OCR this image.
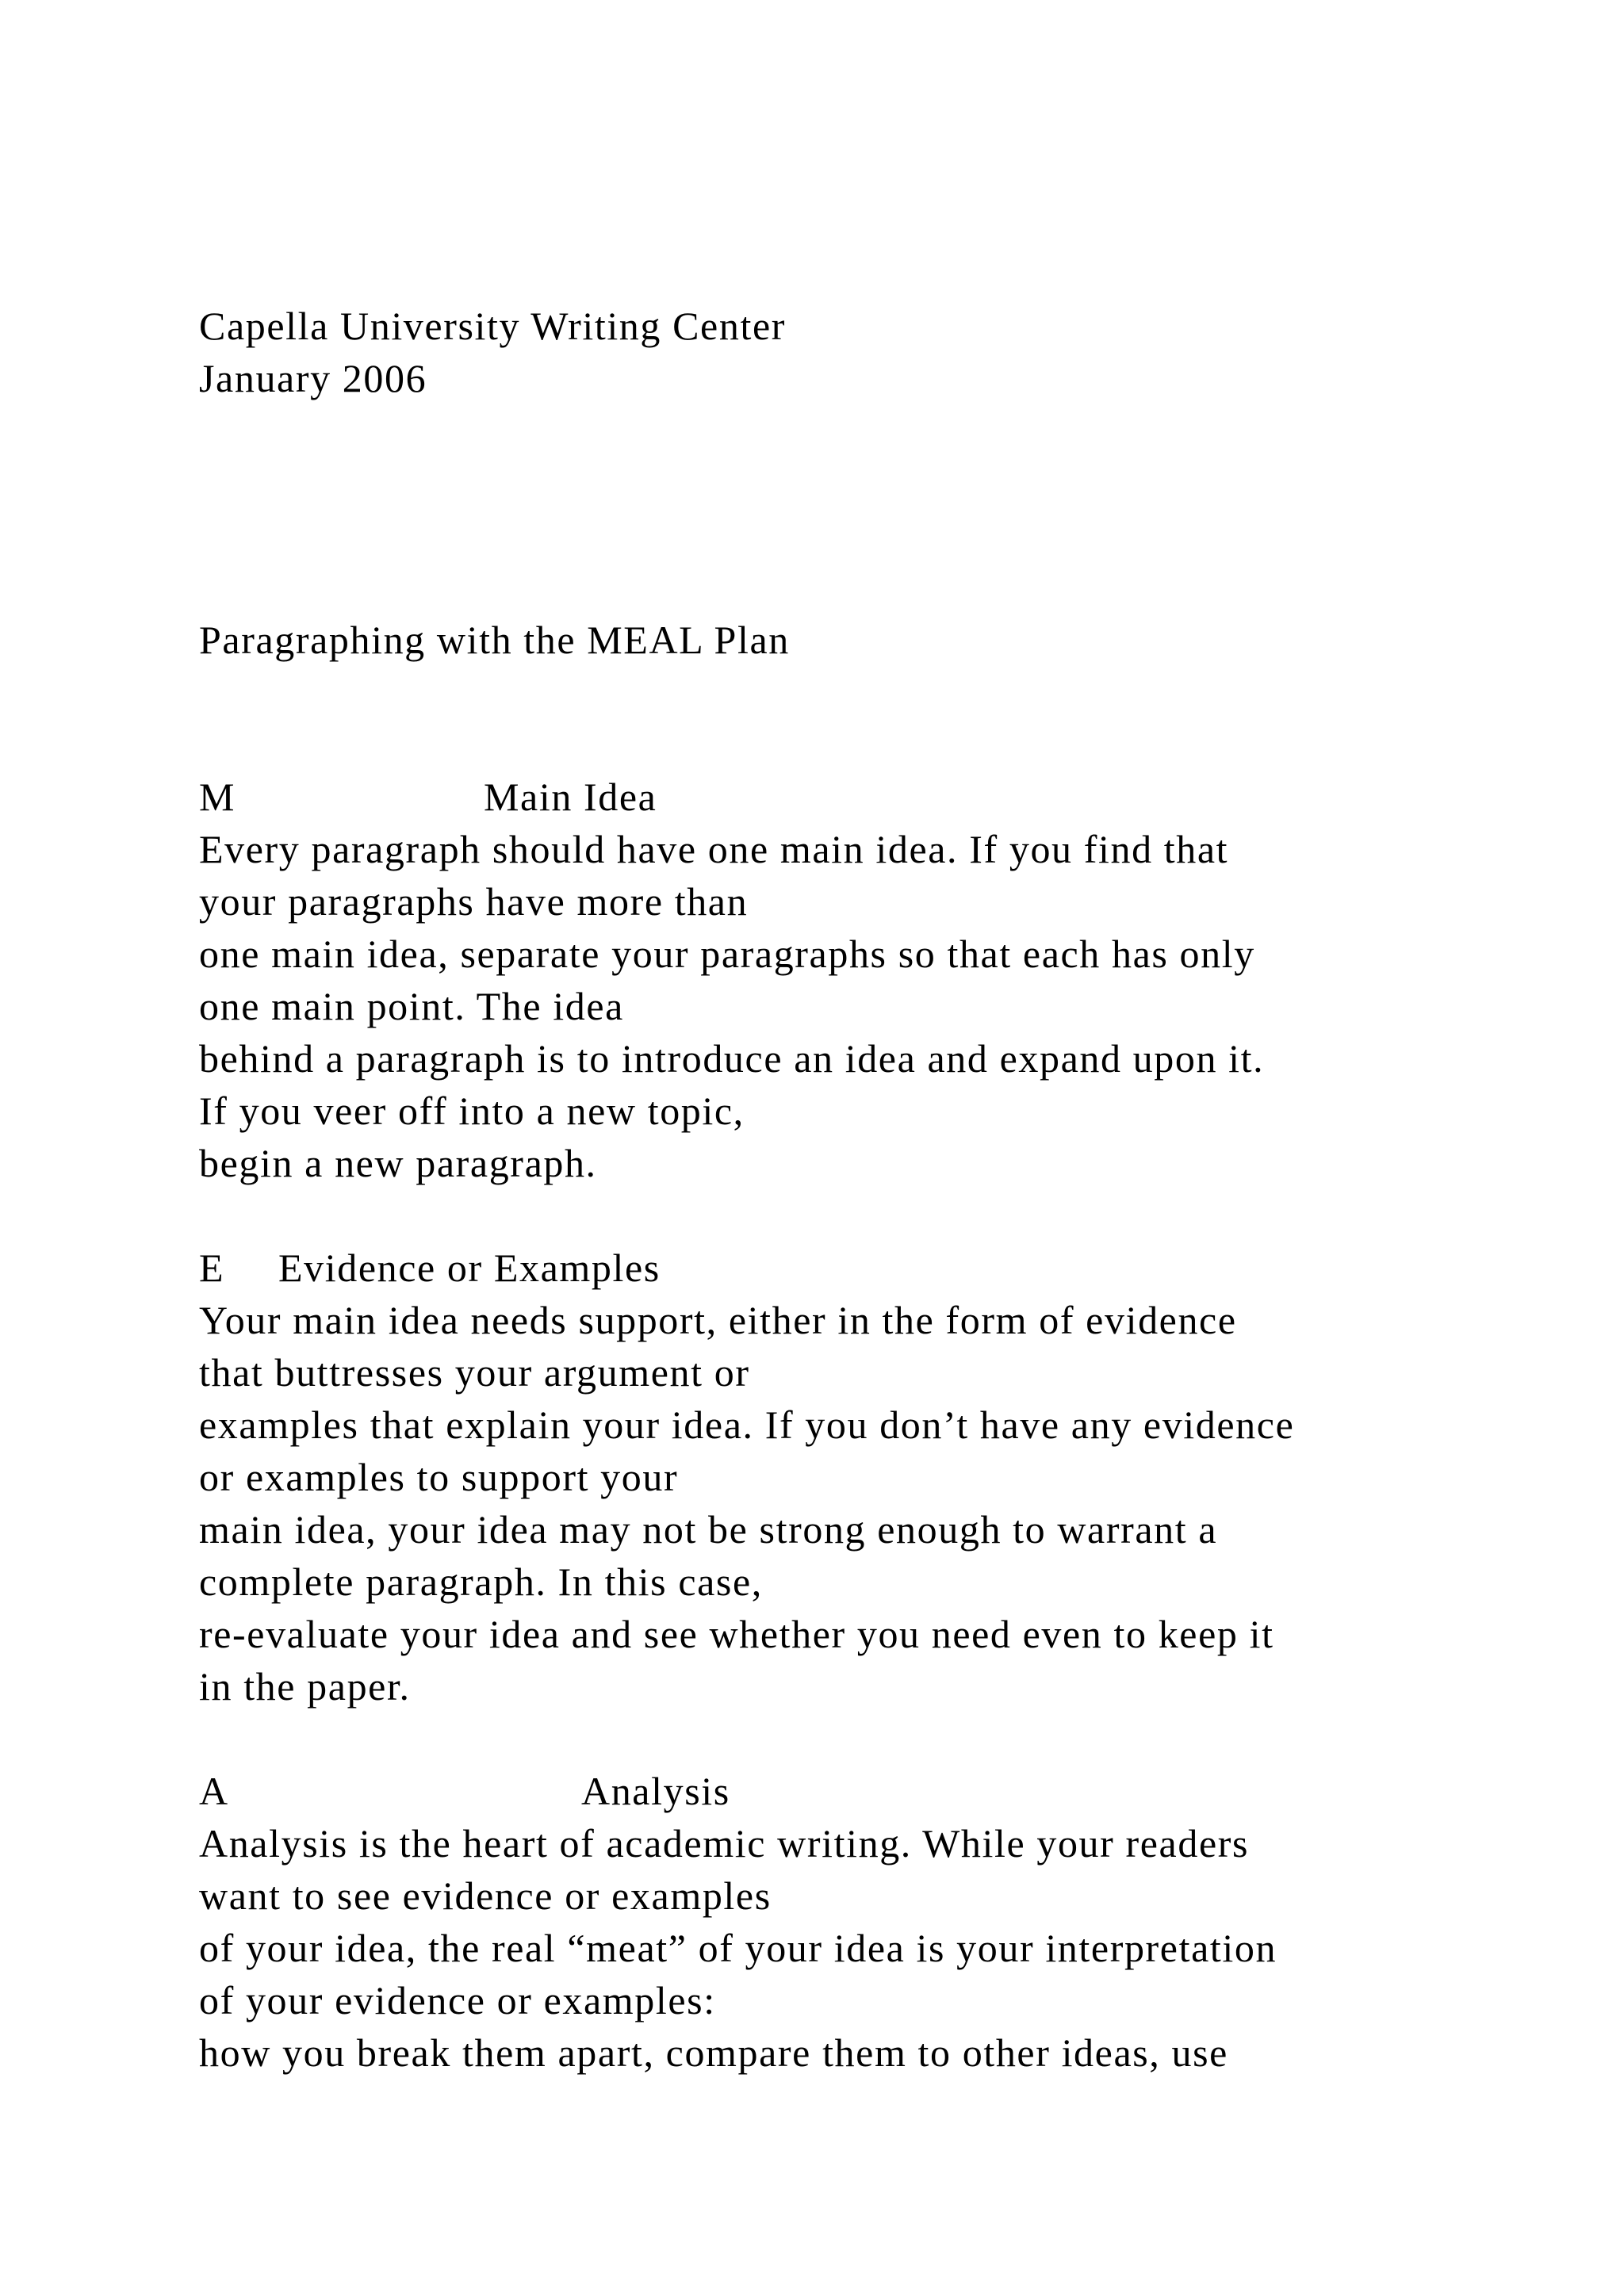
Capella University Writing Center
January 2006
Paragraphing with the MEAL Plan

M

	Main Idea

Every paragraph should have one main idea. If you find that
your paragraphs have more than
one main idea, separate your paragraphs so that each has only
one main point. The idea
behind a paragraph is to introduce an idea and expand upon it.
If you veer off into a new topic,
begin a new paragraph.

E

Evidence or Examples

Your main idea needs support, either in the form of evidence
that buttresses your argument or
examples that explain your idea. If you don’t have any evidence
or examples to support your
main idea, your idea may not be strong enough to warrant a
complete paragraph. In this case,
re-evaluate your idea and see whether you need even to keep it
in the paper.

A

	Analysis

Analysis is the heart of academic writing. While your readers
want to see evidence or examples
of your idea, the real “meat” of your idea is your interpretation
of your evidence or examples:
how you break them apart, compare them to other ideas, use
